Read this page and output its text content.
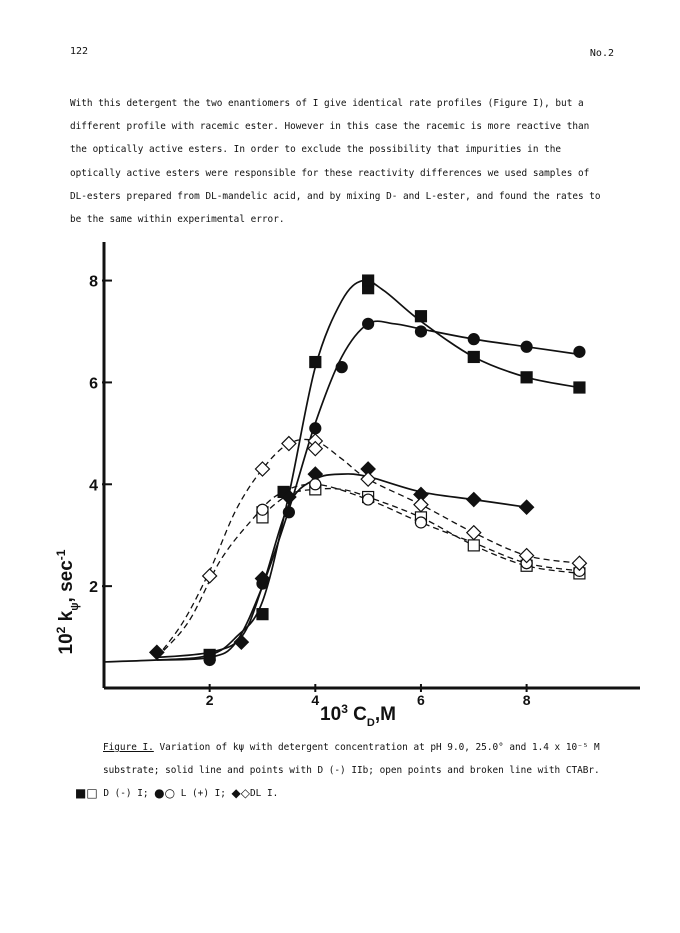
122	No.2
With this detergent the two enantiomers of I give identical rate profiles (Figure I), but a
different profile with racemic ester. However in this case the racemic is more reactive than
the optically active esters. In order to exclude the possibility that impurities in the
optically active esters were responsible for these reactivity differences we used samples of
DL-esters prepared from DL-mandelic acid, and by mixing D- and L-ester, and found the rates to
be the same within experimental error.
2	4	6	8
2
4
6
8
$10^2$ $k_\psi$, $\sec^{-1}$
$10^3$ $C_D,M$
Figure I. Variation of kψ with detergent concentration at pH 9.0, 25.0° and 1.4 x 10⁻⁵ M
substrate; solid line and points with D (-) IIb; open points and broken line with CTABr.
■□ D (-) I; ●○ L (+) I; ◆◇DL I.
